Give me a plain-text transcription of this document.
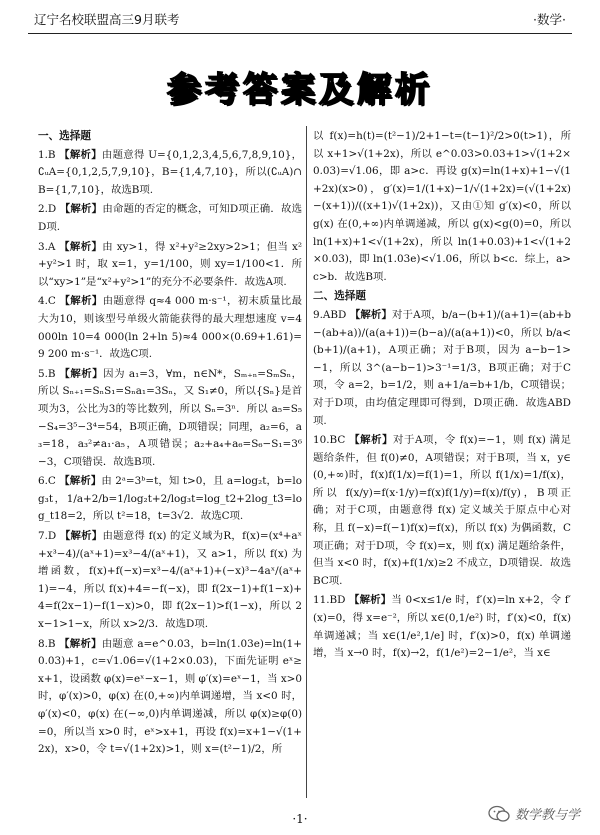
辽宁名校联盟高三9月联考	·数学·
参考答案及解析
一、选择题
1.B 【解析】由题意得 U={0,1,2,3,4,5,6,7,8,9,10}，∁ᵤA={0,1,2,5,7,9,10}，B={1,4,7,10}，所以(∁ᵤA)∩B={1,7,10}，故选B项.
2.D 【解析】由命题的否定的概念，可知D项正确．故选D项.
3.A 【解析】由 xy>1，得 x²+y²≥2xy>2>1；但当 x²+y²>1 时，取 x=1，y=1/100，则 xy=1/100<1．所以“xy>1”是“x²+y²>1”的充分不必要条件．故选A项.
4.C 【解析】由题意得 q≈4 000 m·s⁻¹，初末质量比最大为10，则该型号单级火箭能获得的最大理想速度 v=4 000ln 10=4 000(ln 2+ln 5)≈4 000×(0.69+1.61)=9 200 m·s⁻¹．故选C项.
5.B 【解析】因为 a₁=3，∀m，n∈N*，Sₘ₊ₙ=SₘSₙ，所以 Sₙ₊₁=SₙS₁=Sₙa₁=3Sₙ，又 S₁≠0，所以{Sₙ}是首项为3，公比为3的等比数列，所以 Sₙ=3ⁿ．所以 a₅=S₅−S₄=3⁵−3⁴=54，B项正确，D项错误；同理，a₂=6，a₃=18，a₃²≠a₁·a₅，A项错误；a₂+a₄+a₆=S₆−S₁=3⁶−3，C项错误．故选B项.
6.C 【解析】由 2ᵃ=3ᵇ=t，知 t>0，且 a=log₂t，b=log₃t，1/a+2/b=1/log₂t+2/log₃t=log_t2+2log_t3=log_t18=2，所以 t²=18，t=3√2．故选C项.
7.D 【解析】由题意得 f(x) 的定义域为R，f(x)=(x⁴+aˣ+x³−4)/(aˣ+1)=x³−4/(aˣ+1)，又 a>1，所以 f(x) 为增函数，f(x)+f(−x)=x³−4/(aˣ+1)+(−x)³−4aˣ/(aˣ+1)=−4，所以 f(x)+4=−f(−x)，即 f(2x−1)+f(1−x)+4=f(2x−1)−f(1−x)>0，即 f(2x−1)>f(1−x)，所以 2x−1>1−x，所以 x>2/3．故选D项.
8.B 【解析】由题意 a=e^0.03，b=ln(1.03e)=ln(1+0.03)+1，c=√1.06=√(1+2×0.03)，下面先证明 eˣ≥x+1，设函数 φ(x)=eˣ−x−1，则 φ′(x)=eˣ−1，当 x>0 时，φ′(x)>0，φ(x) 在(0,+∞)内单调递增，当 x<0 时，φ′(x)<0，φ(x) 在(−∞,0)内单调递减，所以 φ(x)≥φ(0)=0，所以当 x>0 时，eˣ>x+1，再设 f(x)=x+1−√(1+2x)，x>0，令 t=√(1+2x)>1，则 x=(t²−1)/2，所
以 f(x)=h(t)=(t²−1)/2+1−t=(t−1)²/2>0(t>1)，所以 x+1>√(1+2x)，所以 e^0.03>0.03+1>√(1+2×0.03)=√1.06，即 a>c．再设 g(x)=ln(1+x)+1−√(1+2x)(x>0)，g′(x)=1/(1+x)−1/√(1+2x)=(√(1+2x)−(x+1))/((x+1)√(1+2x))，又由①知 g′(x)<0，所以 g(x) 在(0,+∞)内单调递减，所以 g(x)<g(0)=0，所以 ln(1+x)+1<√(1+2x)，所以 ln(1+0.03)+1<√(1+2×0.03)，即 ln(1.03e)<√1.06，所以 b<c．综上，a>c>b．故选B项.
二、选择题
9.ABD 【解析】对于A项，b/a−(b+1)/(a+1)=(ab+b−(ab+a))/(a(a+1))=(b−a)/(a(a+1))<0，所以 b/a<(b+1)/(a+1)，A项正确；对于B项，因为 a−b−1>−1，所以 3^(a−b−1)>3⁻¹=1/3，B项正确；对于C项，令 a=2，b=1/2，则 a+1/a=b+1/b，C项错误；对于D项，由均值定理即可得到，D项正确．故选ABD项.
10.BC 【解析】对于A项，令 f(x)=−1，则 f(x) 满足题给条件，但 f(0)≠0，A项错误；对于B项，当 x，y∈(0,+∞)时，f(x)f(1/x)=f(1)=1，所以 f(1/x)=1/f(x)，所以 f(x/y)=f(x·1/y)=f(x)f(1/y)=f(x)/f(y)，B项正确；对于C项，由题意得 f(x) 定义域关于原点中心对称，且 f(−x)=f(−1)f(x)=f(x)，所以 f(x) 为偶函数，C项正确；对于D项，令 f(x)=x，则 f(x) 满足题给条件，但当 x<0 时，f(x)+f(1/x)≥2 不成立，D项错误．故选BC项.
11.BD 【解析】当 0<x≤1/e 时，f′(x)=ln x+2，令 f′(x)=0，得 x=e⁻²，所以 x∈(0,1/e²) 时，f′(x)<0，f(x) 单调递减；当 x∈(1/e²,1/e] 时，f′(x)>0，f(x) 单调递增，当 x→0 时，f(x)→2，f(1/e²)=2−1/e²，当 x∈
·1·	数学教与学
